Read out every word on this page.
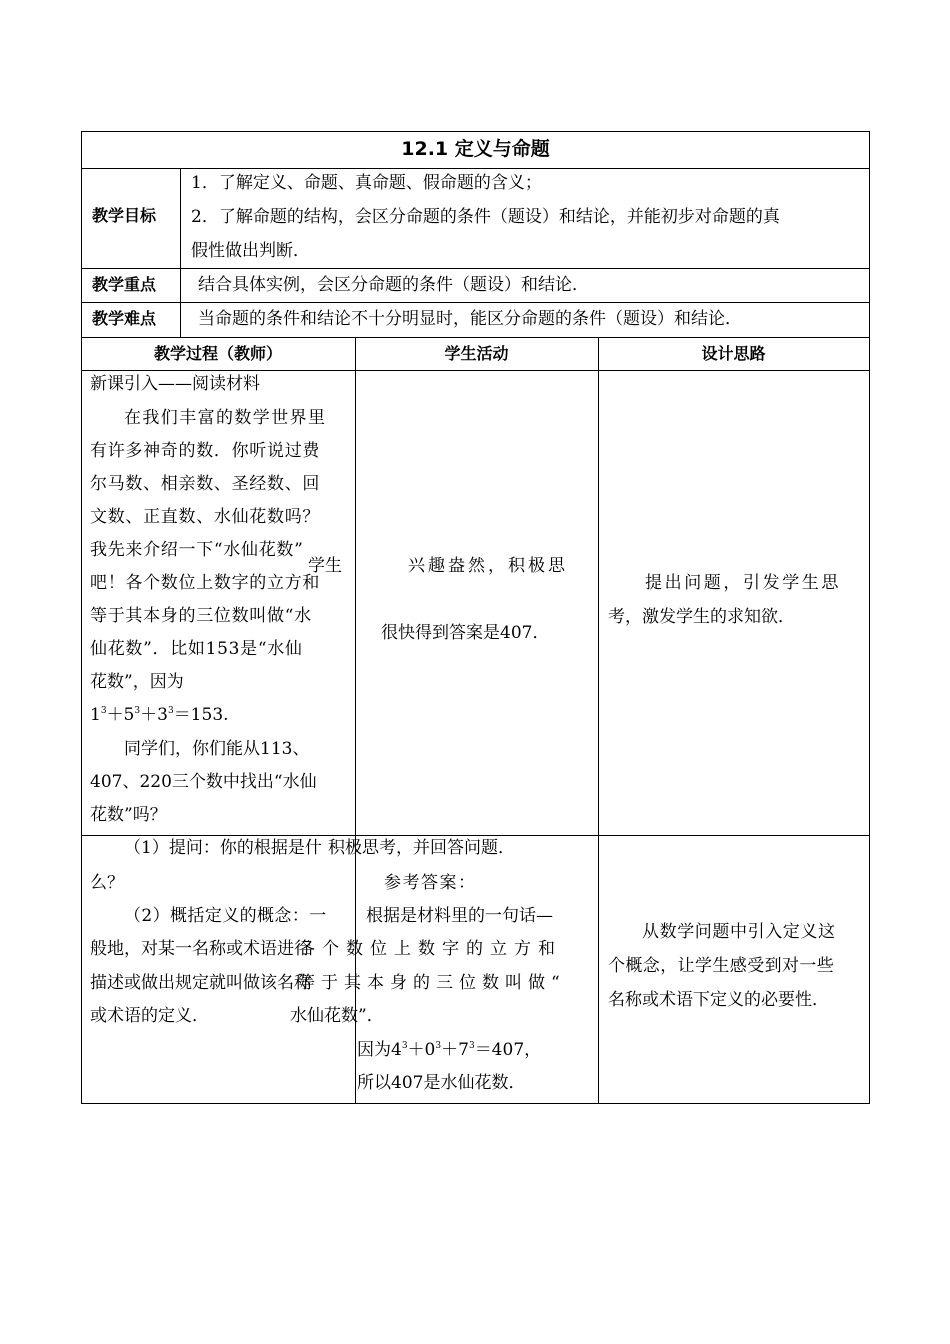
12.1 定义与命题
教学目标
1．了解定义、命题、真命题、假命题的含义；
2．了解命题的结构，会区分命题的条件（题设）和结论，并能初步对命题的真
假性做出判断．
教学重点 结合具体实例，会区分命题的条件（题设）和结论．
教学难点 当命题的条件和结论不十分明显时，能区分命题的条件（题设）和结论．
教学过程（教师）	学生活动	设计思路
新课引入——阅读材料
在我们丰富的数学世界里
有许多神奇的数．你听说过费
尔马数、相亲数、圣经数、回
文数、正直数、水仙花数吗？
我先来介绍一下“水仙花数”
吧！各个数位上数字的立方和
等于其本身的三位数叫做“水
仙花数”．比如153是“水仙
花数”，因为
$1^3+5^3+3^3=153$.
同学们，你们能从113、
407、220三个数中找出“水仙
花数”吗？
兴趣盎然，积极思
学生
很快得到答案是407．
提出问题，引发学生思
考，激发学生的求知欲．
（1）提问：你的根据是什
么？
（2）概括定义的概念：一
般地，对某一名称或术语进行
描述或做出规定就叫做该名称
或术语的定义．
积极思考，并回答问题．
参考答案：
根据是材料里的一句话—
各个数位上数字的立方和
等于其本身的三位数叫做“
水仙花数”．
因为$4^3+0^3+7^3=407$，
所以407是水仙花数．
从数学问题中引入定义这
个概念，让学生感受到对一些
名称或术语下定义的必要性．
